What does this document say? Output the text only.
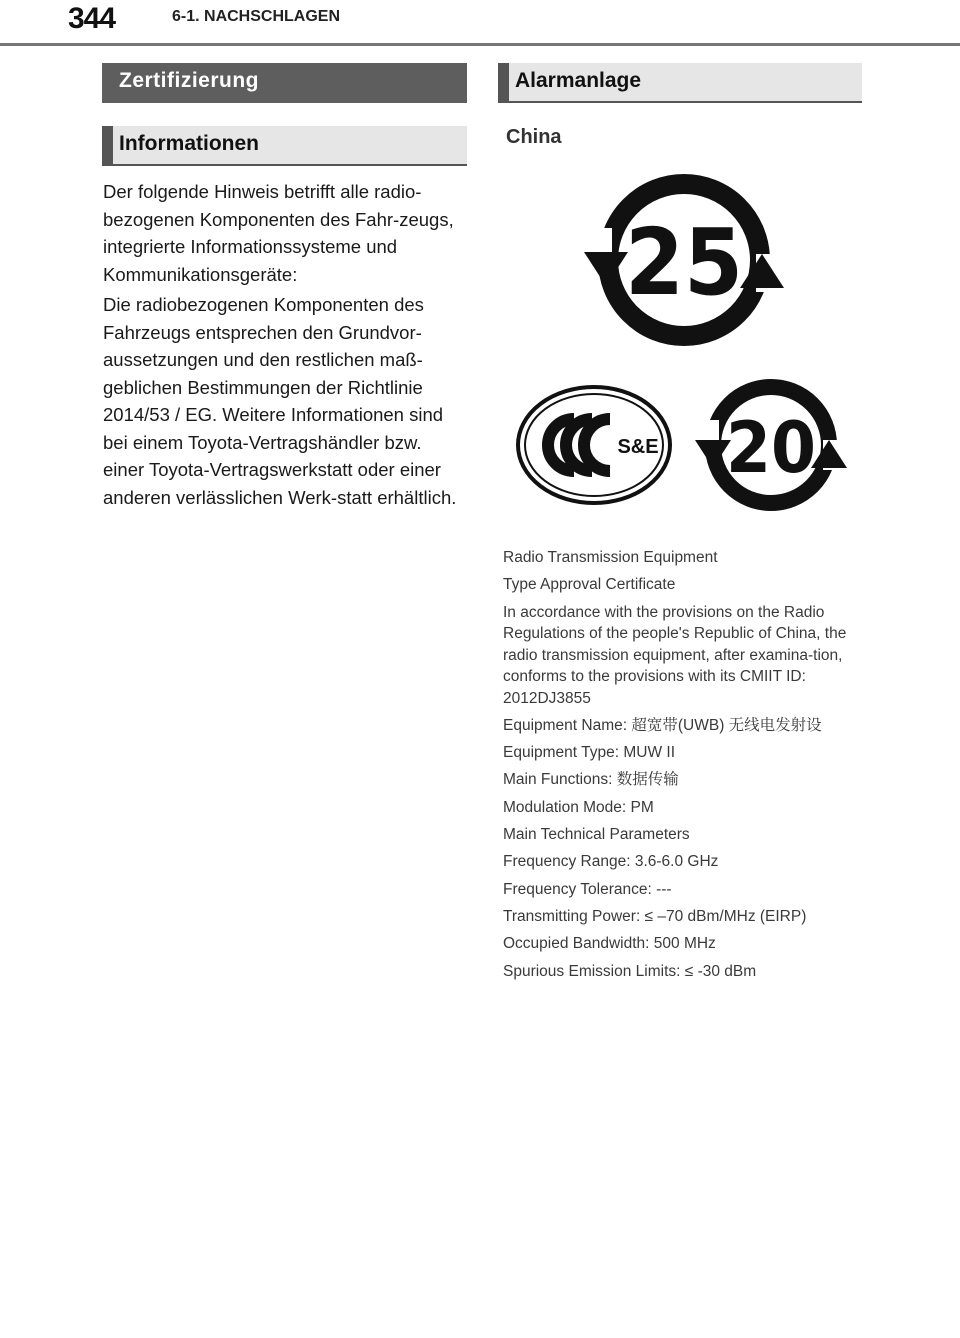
344	6-1. NACHSCHLAGEN
Zertifizierung
Informationen

Der folgende Hinweis betrifft alle radio-bezogenen Komponenten des Fahr-zeugs, integrierte Informationssysteme und Kommunikationsgeräte:

Die radiobezogenen Komponenten des Fahrzeugs entsprechen den Grundvor-aussetzungen und den restlichen maß-geblichen Bestimmungen der Richtlinie 2014/53 / EG. Weitere Informationen sind bei einem Toyota-Vertragshändler bzw. einer Toyota-Vertragswerkstatt oder einer anderen verlässlichen Werk-statt erhältlich.

Alarmanlage
China
25
S&E 20

Radio Transmission Equipment

Type Approval Certificate

In accordance with the provisions on the Radio Regulations of the people's Republic of China, the radio transmission equipment, after examina-tion, conforms to the provisions with its CMIIT ID: 2012DJ3855

Equipment Name: 超宽带(UWB) 无线电发射设

Equipment Type: MUW II

Main Functions: 数据传输

Modulation Mode: PM

Main Technical Parameters

Frequency Range: 3.6-6.0 GHz

Frequency Tolerance: ---

Transmitting Power: ≤ –70 dBm/MHz (EIRP)

Occupied Bandwidth: 500 MHz

Spurious Emission Limits: ≤ -30 dBm
